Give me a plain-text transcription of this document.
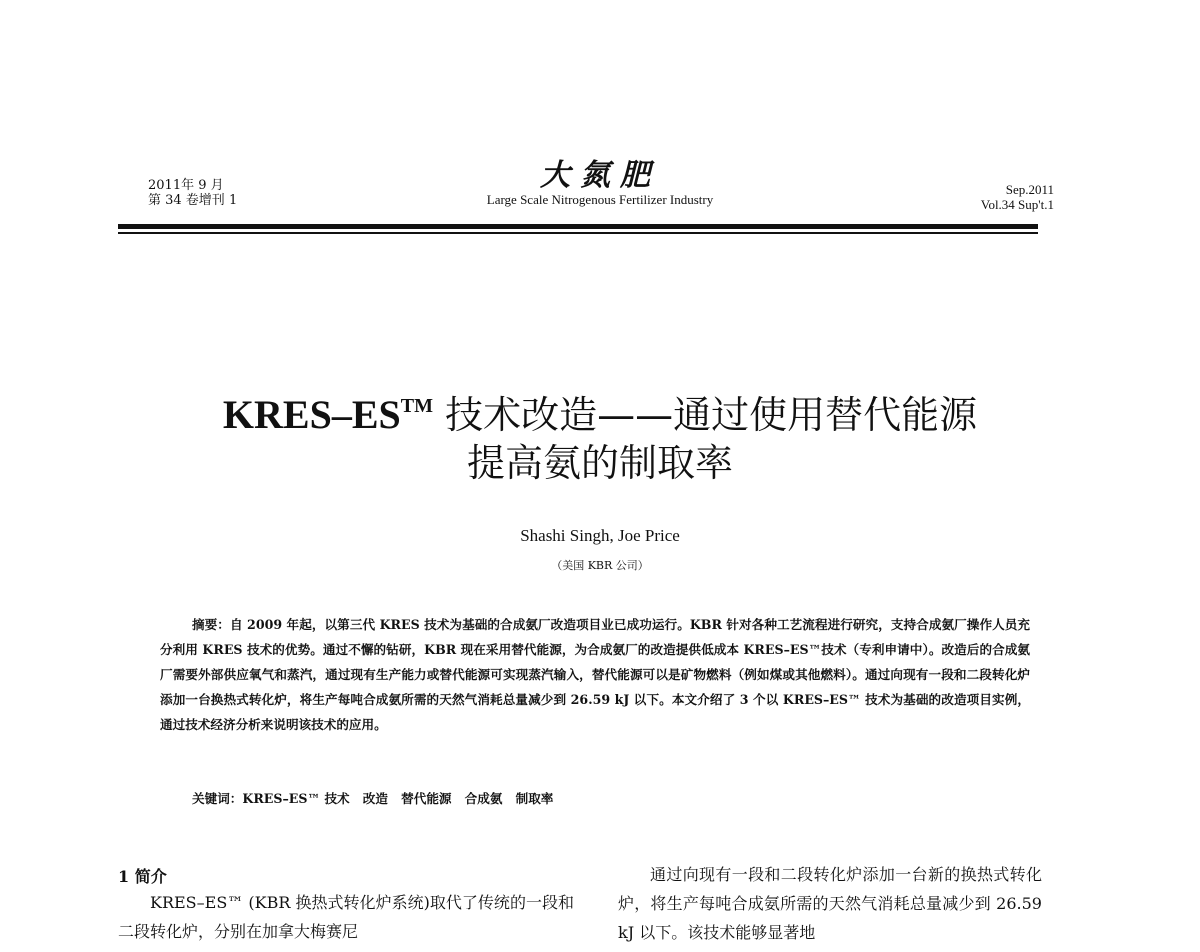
2011年 9 月
第 34 卷增刊 1
大氮肥
Large Scale Nitrogenous Fertilizer Industry
Sep.2011
Vol.34 Sup't.1
KRES–ES™ 技术改造——通过使用替代能源
提高氨的制取率
Shashi Singh, Joe Price
（美国 KBR 公司）
摘要：自 2009 年起，以第三代 KRES 技术为基础的合成氨厂改造项目业已成功运行。KBR 针对各种工艺流程进行研究，支持合成氨厂操作人员充分利用 KRES 技术的优势。通过不懈的钻研，KBR 现在采用替代能源，为合成氨厂的改造提供低成本 KRES–ES™技术（专利申请中）。改造后的合成氨厂需要外部供应氧气和蒸汽，通过现有生产能力或替代能源可实现蒸汽输入，替代能源可以是矿物燃料（例如煤或其他燃料）。通过向现有一段和二段转化炉添加一台换热式转化炉，将生产每吨合成氨所需的天然气消耗总量减少到 26.59 kJ 以下。本文介绍了 3 个以 KRES–ES™ 技术为基础的改造项目实例，通过技术经济分析来说明该技术的应用。
关键词：KRES–ES™ 技术   改造   替代能源   合成氨   制取率
1 简介
KRES–ES™ (KBR 换热式转化炉系统)取代了传统的一段和二段转化炉，分别在加拿大梅赛尼
通过向现有一段和二段转化炉添加一台新的换热式转化炉，将生产每吨合成氨所需的天然气消耗总量减少到 26.59 kJ 以下。该技术能够显著地
